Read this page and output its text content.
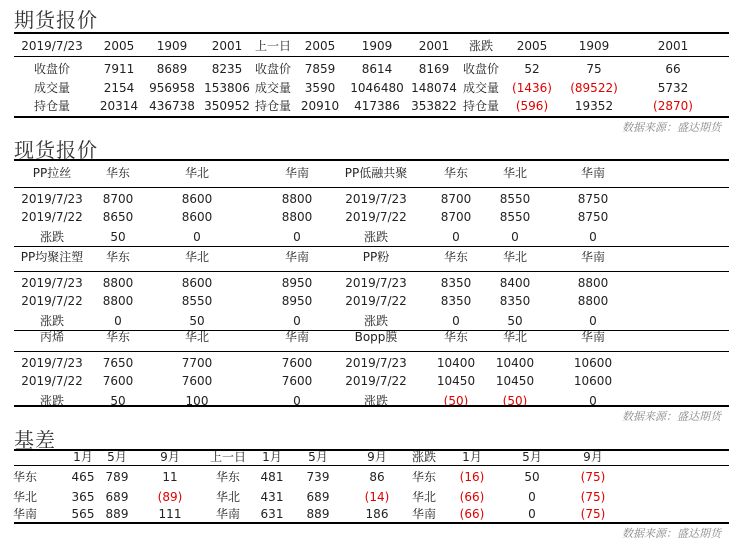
期货报价
2019/7/23 2005 1909 2001 上一日 2005 1909 2001 涨跌 2005	1909	2001
收盘价	7911 8689 8235 收盘价 7859 8614 8169 收盘价 52	75	66
成交量	2154 956958 153806 成交量 3590 1046480 148074 成交量 (1436) (89522)	5732
持仓量 20314 436738 350952 持仓量 20910 417386 353822 持仓量 (596) 19352	(2870)
数据来源：盛达期货
现货报价
PP拉丝	华东	华北	华南	PP低融共聚	华东	华北	华南
2019/7/23 8700	8600	8800	2019/7/23	8700 8550	8750
2019/7/22 8650	8600	8800	2019/7/22	8700 8550	8750
涨跌	50	0	0	涨跌	0	0	0
PP均聚注塑 华东	华北	华南	PP粉	华东	华北	华南
2019/7/23 8800	8600	8950	2019/7/23	8350 8400	8800
2019/7/22 8800	8550	8950	2019/7/22	8350 8350	8800
涨跌	0	50	0	涨跌	0	50	0
丙烯	华东	华北	华南	Bopp膜	华东	华北	华南
2019/7/23 7650	7700	7600	2019/7/23	10400 10400	10600
2019/7/22 7600	7600	7600	2019/7/22	10450 10450	10600
涨跌	50	100	0	涨跌	(50)	(50)	0
数据来源：盛达期货
基差
1月 5月	9月	上一日 1月 5月	9月 涨跌 1月	5月	9月
华东	465 789	11	华东 481 739	86 华东 (16)	50	(75)
华北	365 689 (89)	华北 431 689	(14) 华北 (66)	0	(75)
华南	565 889	111	华南 631 889	186 华南 (66)	0	(75)
数据来源：盛达期货
